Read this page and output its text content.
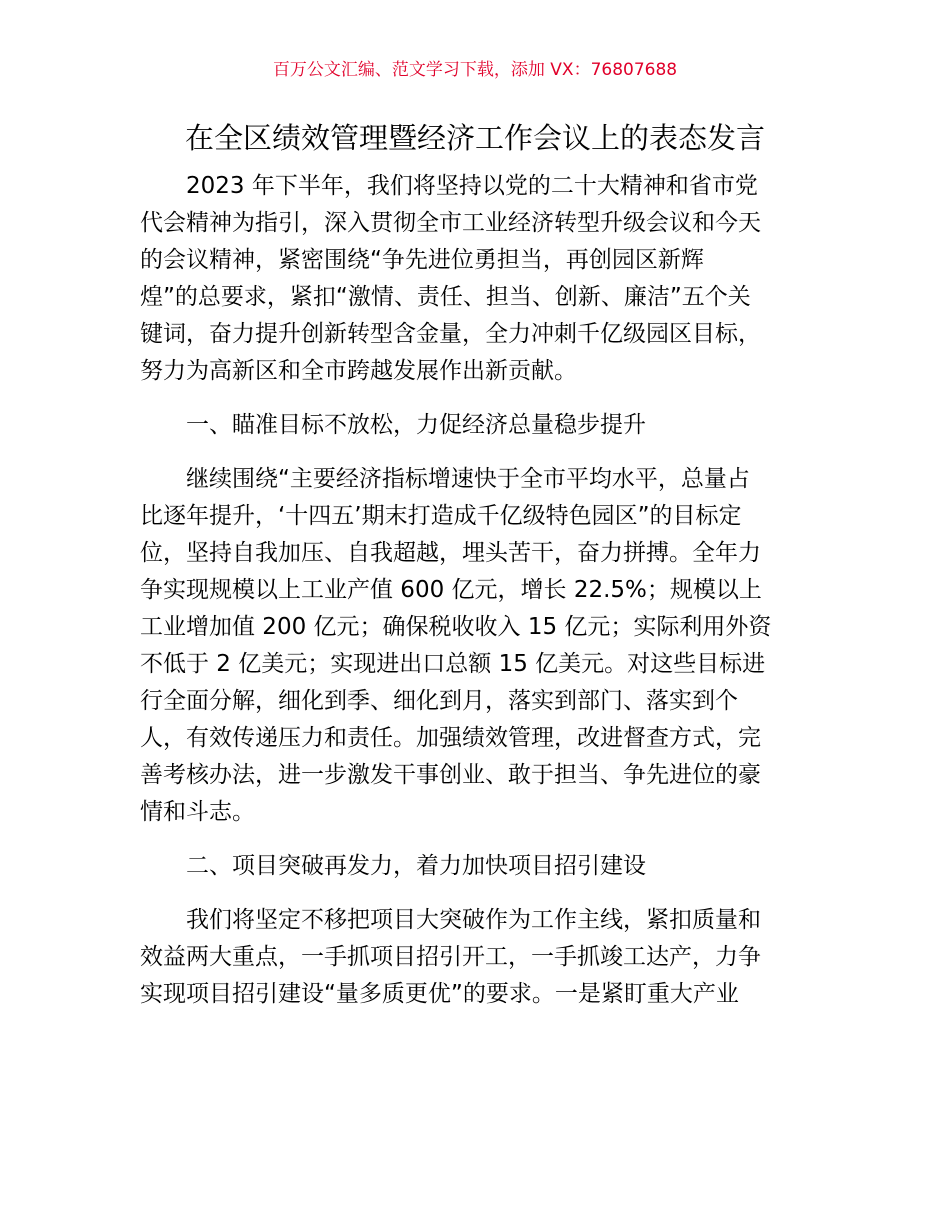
百万公文汇编、范文学习下载，添加 VX：76807688
在全区绩效管理暨经济工作会议上的表态发言

2023 年下半年，我们将坚持以党的二十大精神和省市党
代会精神为指引，深入贯彻全市工业经济转型升级会议和今天
的会议精神，紧密围绕“争先进位勇担当，再创园区新辉
煌”的总要求，紧扣“激情、责任、担当、创新、廉洁”五个关
键词，奋力提升创新转型含金量，全力冲刺千亿级园区目标，
努力为高新区和全市跨越发展作出新贡献。

一、瞄准目标不放松，力促经济总量稳步提升

继续围绕“主要经济指标增速快于全市平均水平，总量占
比逐年提升，‘十四五’期末打造成千亿级特色园区”的目标定
位，坚持自我加压、自我超越，埋头苦干，奋力拼搏。全年力
争实现规模以上工业产值 600 亿元，增长 22.5%；规模以上
工业增加值 200 亿元；确保税收收入 15 亿元；实际利用外资
不低于 2 亿美元；实现进出口总额 15 亿美元。对这些目标进
行全面分解，细化到季、细化到月，落实到部门、落实到个
人，有效传递压力和责任。加强绩效管理，改进督查方式，完
善考核办法，进一步激发干事创业、敢于担当、争先进位的豪
情和斗志。

二、项目突破再发力，着力加快项目招引建设

我们将坚定不移把项目大突破作为工作主线，紧扣质量和
效益两大重点，一手抓项目招引开工，一手抓竣工达产，力争
实现项目招引建设“量多质更优”的要求。一是紧盯重大产业
